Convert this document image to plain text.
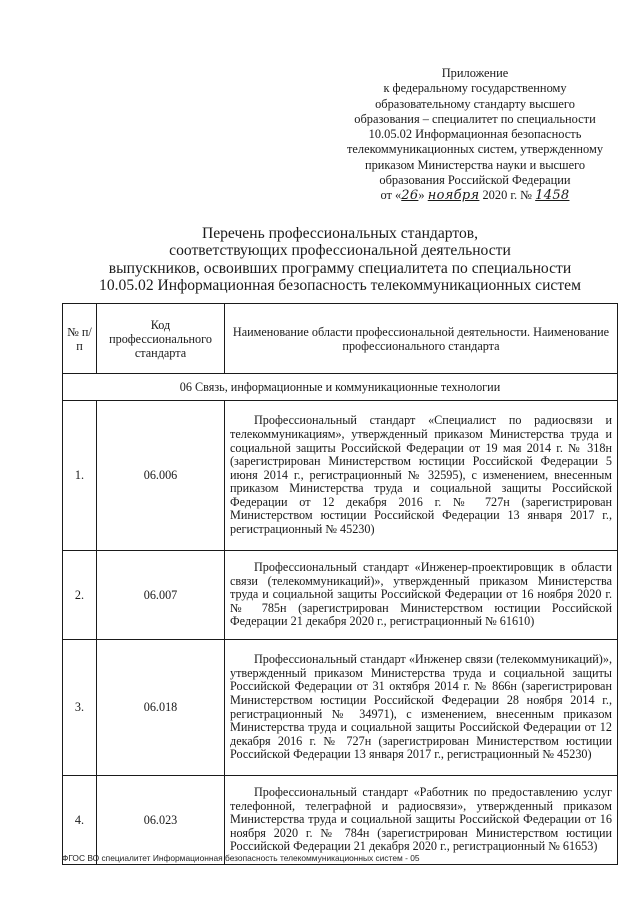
Приложение
к федеральному государственному
образовательному стандарту высшего
образования – специалитет по специальности
10.05.02 Информационная безопасность
телекоммуникационных систем, утвержденному
приказом Министерства науки и высшего
образования Российской Федерации
от «26» ноября 2020 г. № 1458
Перечень профессиональных стандартов,
соответствующих профессиональной деятельности
выпускников, освоивших программу специалитета по специальности
10.05.02 Информационная безопасность телекоммуникационных систем
№ п/п	Код профессионального стандарта	Наименование области профессиональной деятельности. Наименование профессионального стандарта
06 Связь, информационные и коммуникационные технологии		
1.	06.006	Профессиональный стандарт «Специалист по радиосвязи и телекоммуникациям», утвержденный приказом Министерства труда и социальной защиты Российской Федерации от 19 мая 2014 г. № 318н (зарегистрирован Министерством юстиции Российской Федерации 5 июня 2014 г., регистрационный № 32595), с изменением, внесенным приказом Министерства труда и социальной защиты Российской Федерации от 12 декабря 2016 г. № 727н (зарегистрирован Министерством юстиции Российской Федерации 13 января 2017 г., регистрационный № 45230)
2.	06.007	Профессиональный стандарт «Инженер-проектировщик в области связи (телекоммуникаций)», утвержденный приказом Министерства труда и социальной защиты Российской Федерации от 16 ноября 2020 г. № 785н (зарегистрирован Министерством юстиции Российской Федерации 21 декабря 2020 г., регистрационный № 61610)
3.	06.018	Профессиональный стандарт «Инженер связи (телекоммуникаций)», утвержденный приказом Министерства труда и социальной защиты Российской Федерации от 31 октября 2014 г. № 866н (зарегистрирован Министерством юстиции Российской Федерации 28 ноября 2014 г., регистрационный № 34971), с изменением, внесенным приказом Министерства труда и социальной защиты Российской Федерации от 12 декабря 2016 г. № 727н (зарегистрирован Министерством юстиции Российской Федерации 13 января 2017 г., регистрационный № 45230)
4.	06.023	Профессиональный стандарт «Работник по предоставлению услуг телефонной, телеграфной и радиосвязи», утвержденный приказом Министерства труда и социальной защиты Российской Федерации от 16 ноября 2020 г. № 784н (зарегистрирован Министерством юстиции Российской Федерации 21 декабря 2020 г., регистрационный № 61653)
ФГОС ВО специалитет Информационная безопасность телекоммуникационных систем - 05
